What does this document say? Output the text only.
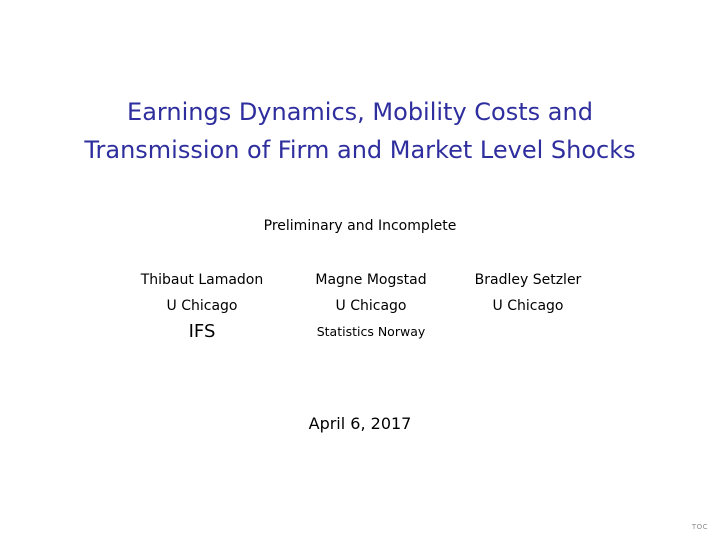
Earnings Dynamics, Mobility Costs and
Transmission of Firm and Market Level Shocks
Preliminary and Incomplete
Thibaut Lamadon	Magne Mogstad	Bradley Setzler
U Chicago	U Chicago	U Chicago
IFS	Statistics Norway
April 6, 2017
TOC
